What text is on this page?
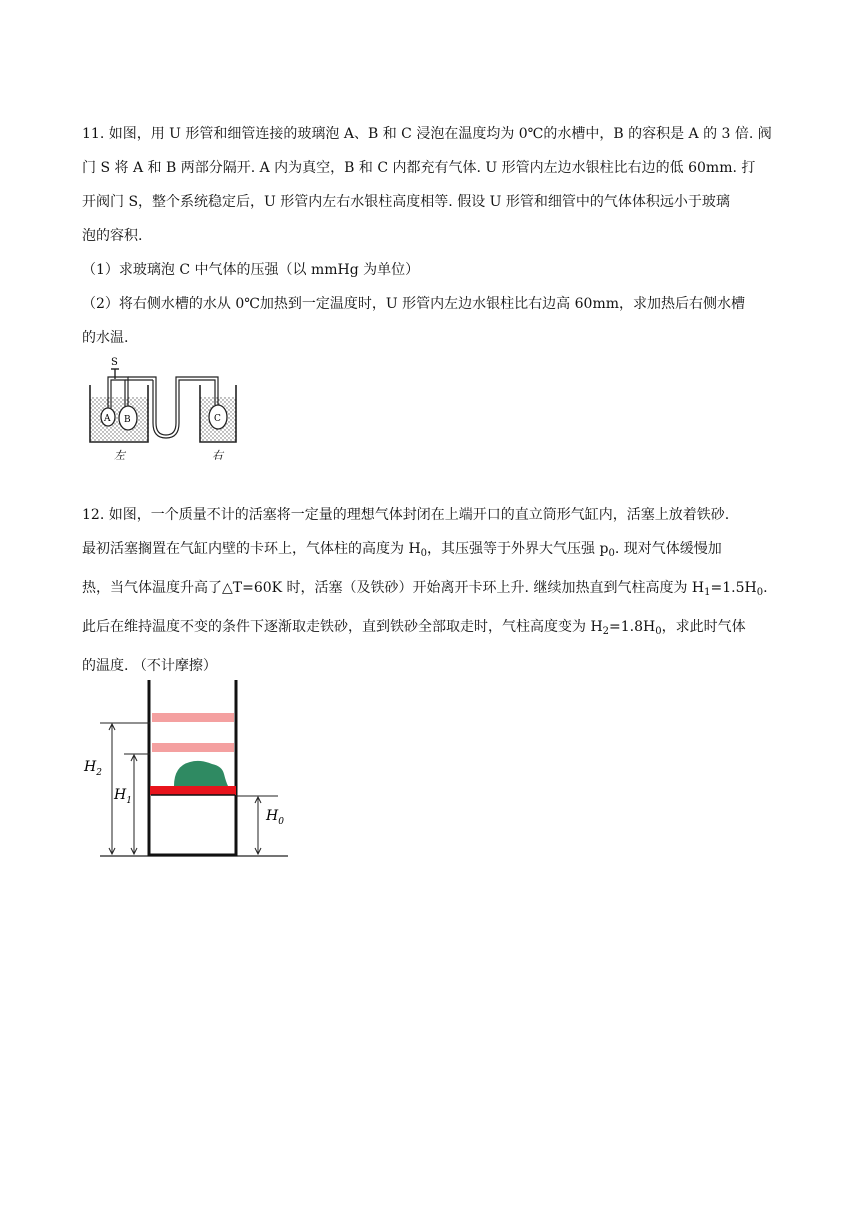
11. 如图，用 U 形管和细管连接的玻璃泡 A、B 和 C 浸泡在温度均为 0℃的水槽中，B 的容积是 A 的 3 倍. 阀
门 S 将 A 和 B 两部分隔开. A 内为真空，B 和 C 内都充有气体. U 形管内左边水银柱比右边的低 60mm. 打
开阀门 S，整个系统稳定后，U 形管内左右水银柱高度相等. 假设 U 形管和细管中的气体体积远小于玻璃
泡的容积.
（1）求玻璃泡 C 中气体的压强（以 mmHg 为单位）
（2）将右侧水槽的水从 0℃加热到一定温度时，U 形管内左边水银柱比右边高 60mm，求加热后右侧水槽
的水温.
S
A B	C
左	右
12. 如图，一个质量不计的活塞将一定量的理想气体封闭在上端开口的直立筒形气缸内，活塞上放着铁砂.
最初活塞搁置在气缸内壁的卡环上，气体柱的高度为 $H_0$，其压强等于外界大气压强 $p_0$. 现对气体缓慢加
热，当气体温度升高了△T=60K 时，活塞（及铁砂）开始离开卡环上升. 继续加热直到气柱高度为 $H_1=1.5H_0$.
此后在维持温度不变的条件下逐渐取走铁砂，直到铁砂全部取走时，气柱高度变为 $H_2=1.8H_0$，求此时气体
的温度. （不计摩擦）
$H_2$
$H_1$
$H_0$
